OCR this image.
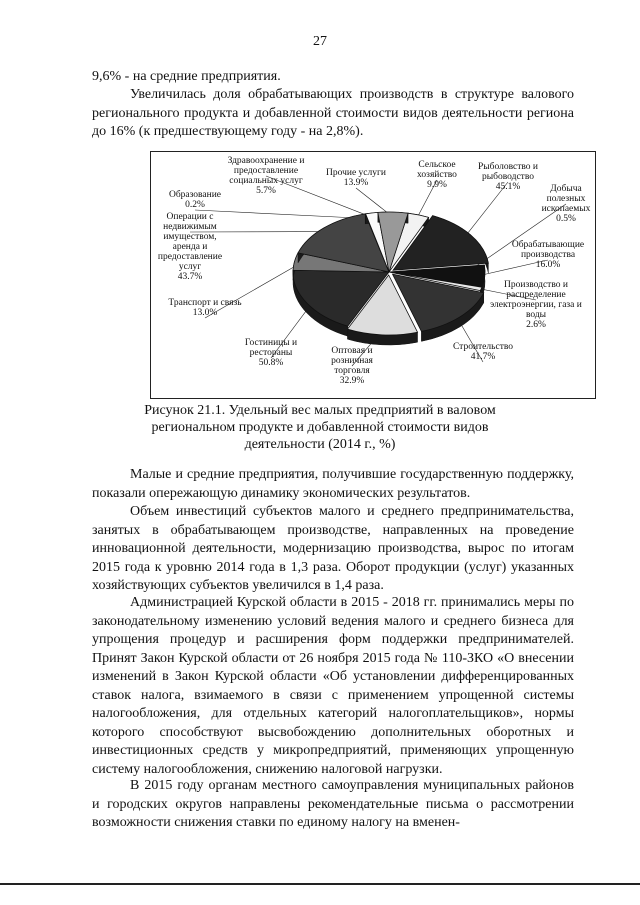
27
9,6% - на средние предприятия.
Увеличилась доля обрабатывающих производств в структуре валового регионального продукта и добавленной стоимости видов деятельности региона до 16% (к предшествующему году - на 2,8%).
Сельское хозяйство
9.9%
Рыболовство и рыбоводство
45.1%	Добыча полезных ископаемых
0.5%
Обрабатывающие производства
16.0%
Производство и распределение электроэнергии, газа и воды
2.6%
Строительство
41.7%
Оптовая и розничная торговля
32.9%
Гостиницы и рестораны
50.8%
Транспорт и связь
13.0%
Операции с недвижимым имуществом, аренда и предоставление услуг
43.7%
Образование
0.2%
Здравоохранение и предоставление социальных услуг
5.7%
Прочие услуги
13.9%
Рисунок 21.1. Удельный вес малых предприятий в валовом региональном продукте и добавленной стоимости видов деятельности (2014 г., %)
Малые и средние предприятия, получившие государственную поддержку, показали опережающую динамику экономических результатов.
Объем инвестиций субъектов малого и среднего предпринимательства, занятых в обрабатывающем производстве, направленных на проведение инновационной деятельности, модернизацию производства, вырос по итогам 2015 года к уровню 2014 года в 1,3 раза. Оборот продукции (услуг) указанных хозяйствующих субъектов увеличился в 1,4 раза.
Администрацией Курской области в 2015 - 2018 гг. принимались меры по законодательному изменению условий ведения малого и среднего бизнеса для упрощения процедур и расширения форм поддержки предпринимателей. Принят Закон Курской области от 26 ноября 2015 года № 110-ЗКО «О внесении изменений в Закон Курской области «Об установлении дифференцированных ставок налога, взимаемого в связи с применением упрощенной системы налогообложения, для отдельных категорий налогоплательщиков», нормы которого способствуют высвобождению дополнительных оборотных и инвестиционных средств у микропредприятий, применяющих упрощенную систему налогообложения, снижению налоговой нагрузки.
В 2015 году органам местного самоуправления муниципальных районов и городских округов направлены рекомендательные письма о рассмотрении возможности снижения ставки по единому налогу на вменен-
